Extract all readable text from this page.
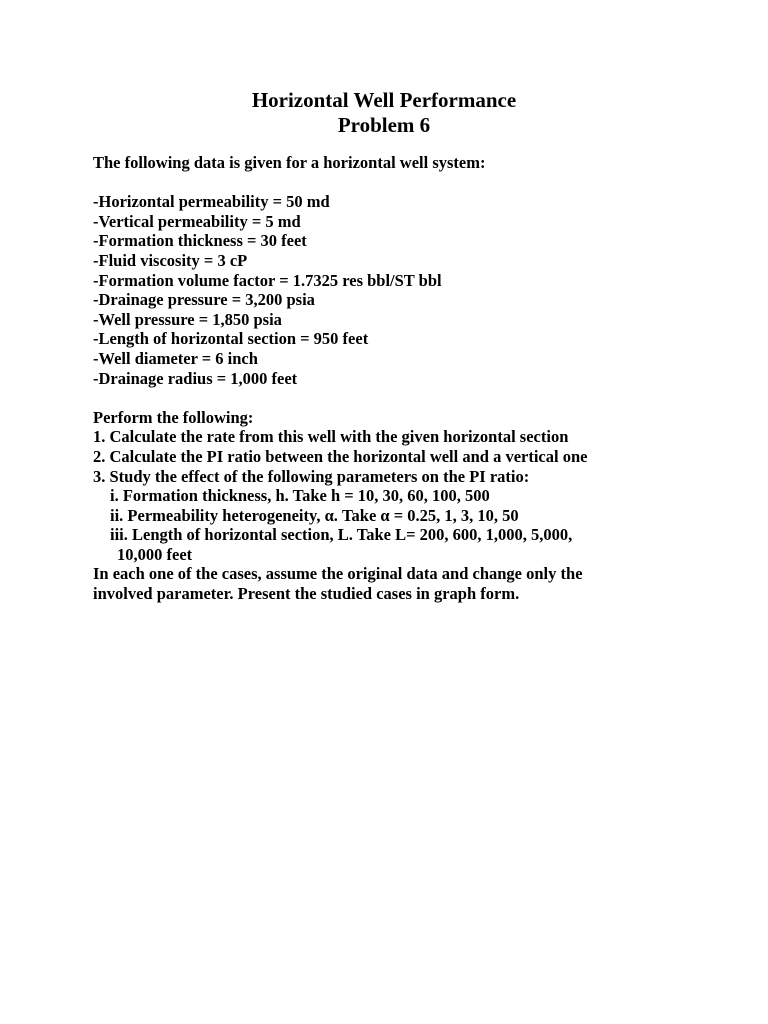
Horizontal Well Performance
Problem 6
The following data is given for a horizontal well system:
-Horizontal permeability = 50 md
-Vertical permeability = 5 md
-Formation thickness = 30 feet
-Fluid viscosity = 3 cP
-Formation volume factor = 1.7325 res bbl/ST bbl
-Drainage pressure = 3,200 psia
-Well pressure = 1,850 psia
-Length of horizontal section = 950 feet
-Well diameter = 6 inch
-Drainage radius = 1,000 feet
Perform the following:
1. Calculate the rate from this well with the given horizontal section
2. Calculate the PI ratio between the horizontal well and a vertical one
3. Study the effect of the following parameters on the PI ratio:
i. Formation thickness, h. Take h = 10, 30, 60, 100, 500
ii. Permeability heterogeneity, α. Take α = 0.25, 1, 3, 10, 50
iii. Length of horizontal section, L. Take L= 200, 600, 1,000, 5,000,
10,000 feet
In each one of the cases, assume the original data and change only the
involved parameter. Present the studied cases in graph form.
